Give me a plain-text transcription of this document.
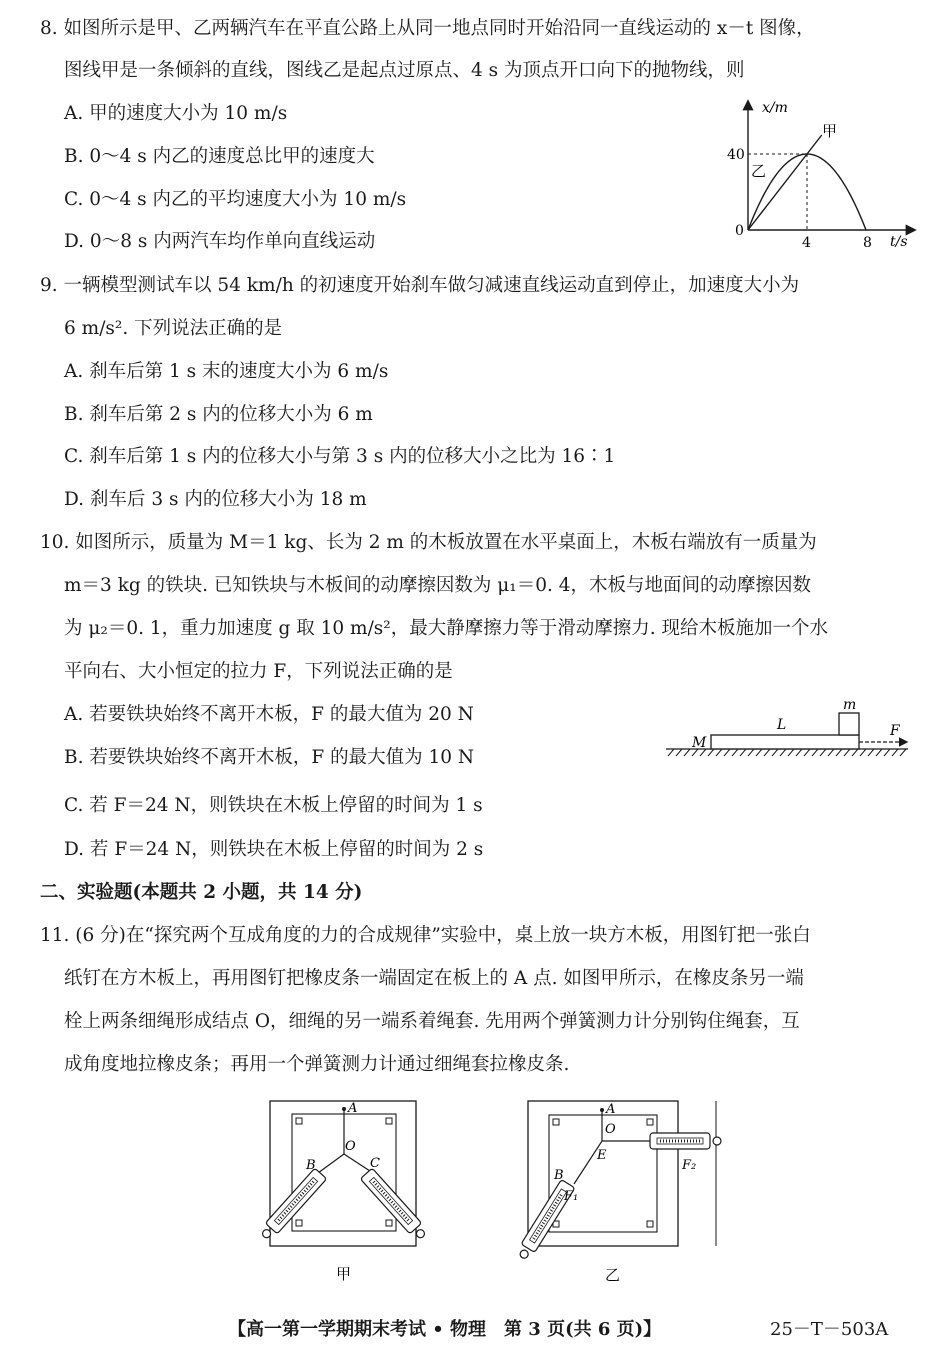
8. 如图所示是甲、乙两辆汽车在平直公路上从同一地点同时开始沿同一直线运动的 x－t 图像，
图线甲是一条倾斜的直线，图线乙是起点过原点、4 s 为顶点开口向下的抛物线，则
A. 甲的速度大小为 10 m/s
B. 0～4 s 内乙的速度总比甲的速度大
C. 0～4 s 内乙的平均速度大小为 10 m/s
D. 0～8 s 内两汽车均作单向直线运动
x/m
t/s
0
40
4	8
甲
乙
9. 一辆模型测试车以 54 km/h 的初速度开始刹车做匀减速直线运动直到停止，加速度大小为
6 m/s². 下列说法正确的是
A. 刹车后第 1 s 末的速度大小为 6 m/s
B. 刹车后第 2 s 内的位移大小为 6 m
C. 刹车后第 1 s 内的位移大小与第 3 s 内的位移大小之比为 16∶1
D. 刹车后 3 s 内的位移大小为 18 m
10. 如图所示，质量为 M＝1 kg、长为 2 m 的木板放置在水平桌面上，木板右端放有一质量为
m＝3 kg 的铁块. 已知铁块与木板间的动摩擦因数为 μ₁＝0. 4，木板与地面间的动摩擦因数
为 μ₂＝0. 1，重力加速度 g 取 10 m/s²，最大静摩擦力等于滑动摩擦力. 现给木板施加一个水
平向右、大小恒定的拉力 F，下列说法正确的是
A. 若要铁块始终不离开木板，F 的最大值为 20 N
B. 若要铁块始终不离开木板，F 的最大值为 10 N
C. 若 F＝24 N，则铁块在木板上停留的时间为 1 s
D. 若 F＝24 N，则铁块在木板上停留的时间为 2 s
m
L
M
F
二、实验题(本题共 2 小题，共 14 分)
11. (6 分)在“探究两个互成角度的力的合成规律”实验中，桌上放一块方木板，用图钉把一张白
纸钉在方木板上，再用图钉把橡皮条一端固定在板上的 A 点. 如图甲所示，在橡皮条另一端
栓上两条细绳形成结点 O，细绳的另一端系着绳套. 先用两个弹簧测力计分别钩住绳套，互
成角度地拉橡皮条；再用一个弹簧测力计通过细绳套拉橡皮条.
A
O
B	C
甲
A
O
E
B
F₁
F₂
乙
【高一第一学期期末考试 • 物理　第 3 页(共 6 页)】	25－T－503A
